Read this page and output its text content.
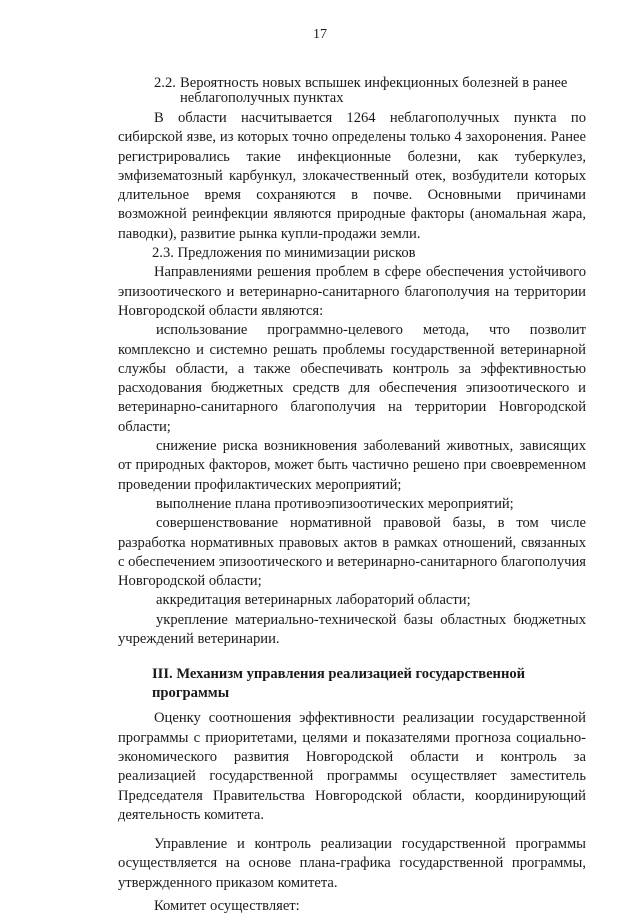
17
2.2. Вероятность новых вспышек инфекционных болезней в ранее неблагополучных пунктах

В области насчитывается 1264 неблагополучных пункта по сибирской язве, из которых точно определены только 4 захоронения. Ранее регистрировались такие инфекционные болезни, как туберкулез, эмфизематозный карбункул, злокачественный отек, возбудители которых длительное время сохраняются в почве. Основными причинами возможной реинфекции являются природные факторы (аномальная жара, паводки), развитие рынка купли-продажи земли.

2.3. Предложения по минимизации рисков

Направлениями решения проблем в сфере обеспечения устойчивого эпизоотического и ветеринарно-санитарного благополучия на территории Новгородской области являются:

использование программно-целевого метода, что позволит комплексно и системно решать проблемы государственной ветеринарной службы области, а также обеспечивать контроль за эффективностью расходования бюджетных средств для обеспечения эпизоотического и ветеринарно-санитарного благополучия на территории Новгородской области;

снижение риска возникновения заболеваний животных, зависящих от природных факторов, может быть частично решено при своевременном проведении профилактических мероприятий;

выполнение плана противоэпизоотических мероприятий;

совершенствование нормативной правовой базы, в том числе разработка нормативных правовых актов в рамках отношений, связанных с обеспечением эпизоотического и ветеринарно-санитарного благополучия Новгородской области;

аккредитация ветеринарных лабораторий области;

укрепление материально-технической базы областных бюджетных учреждений ветеринарии.

III. Механизм управления реализацией государственной программы

Оценку соотношения эффективности реализации государственной программы с приоритетами, целями и показателями прогноза социально-экономического развития Новгородской области и контроль за реализацией государственной программы осуществляет заместитель Председателя Правительства Новгородской области, координирующий деятельность комитета.

Управление и контроль реализации государственной программы осуществляется на основе плана-графика государственной программы, утвержденного приказом комитета.

Комитет осуществляет:
